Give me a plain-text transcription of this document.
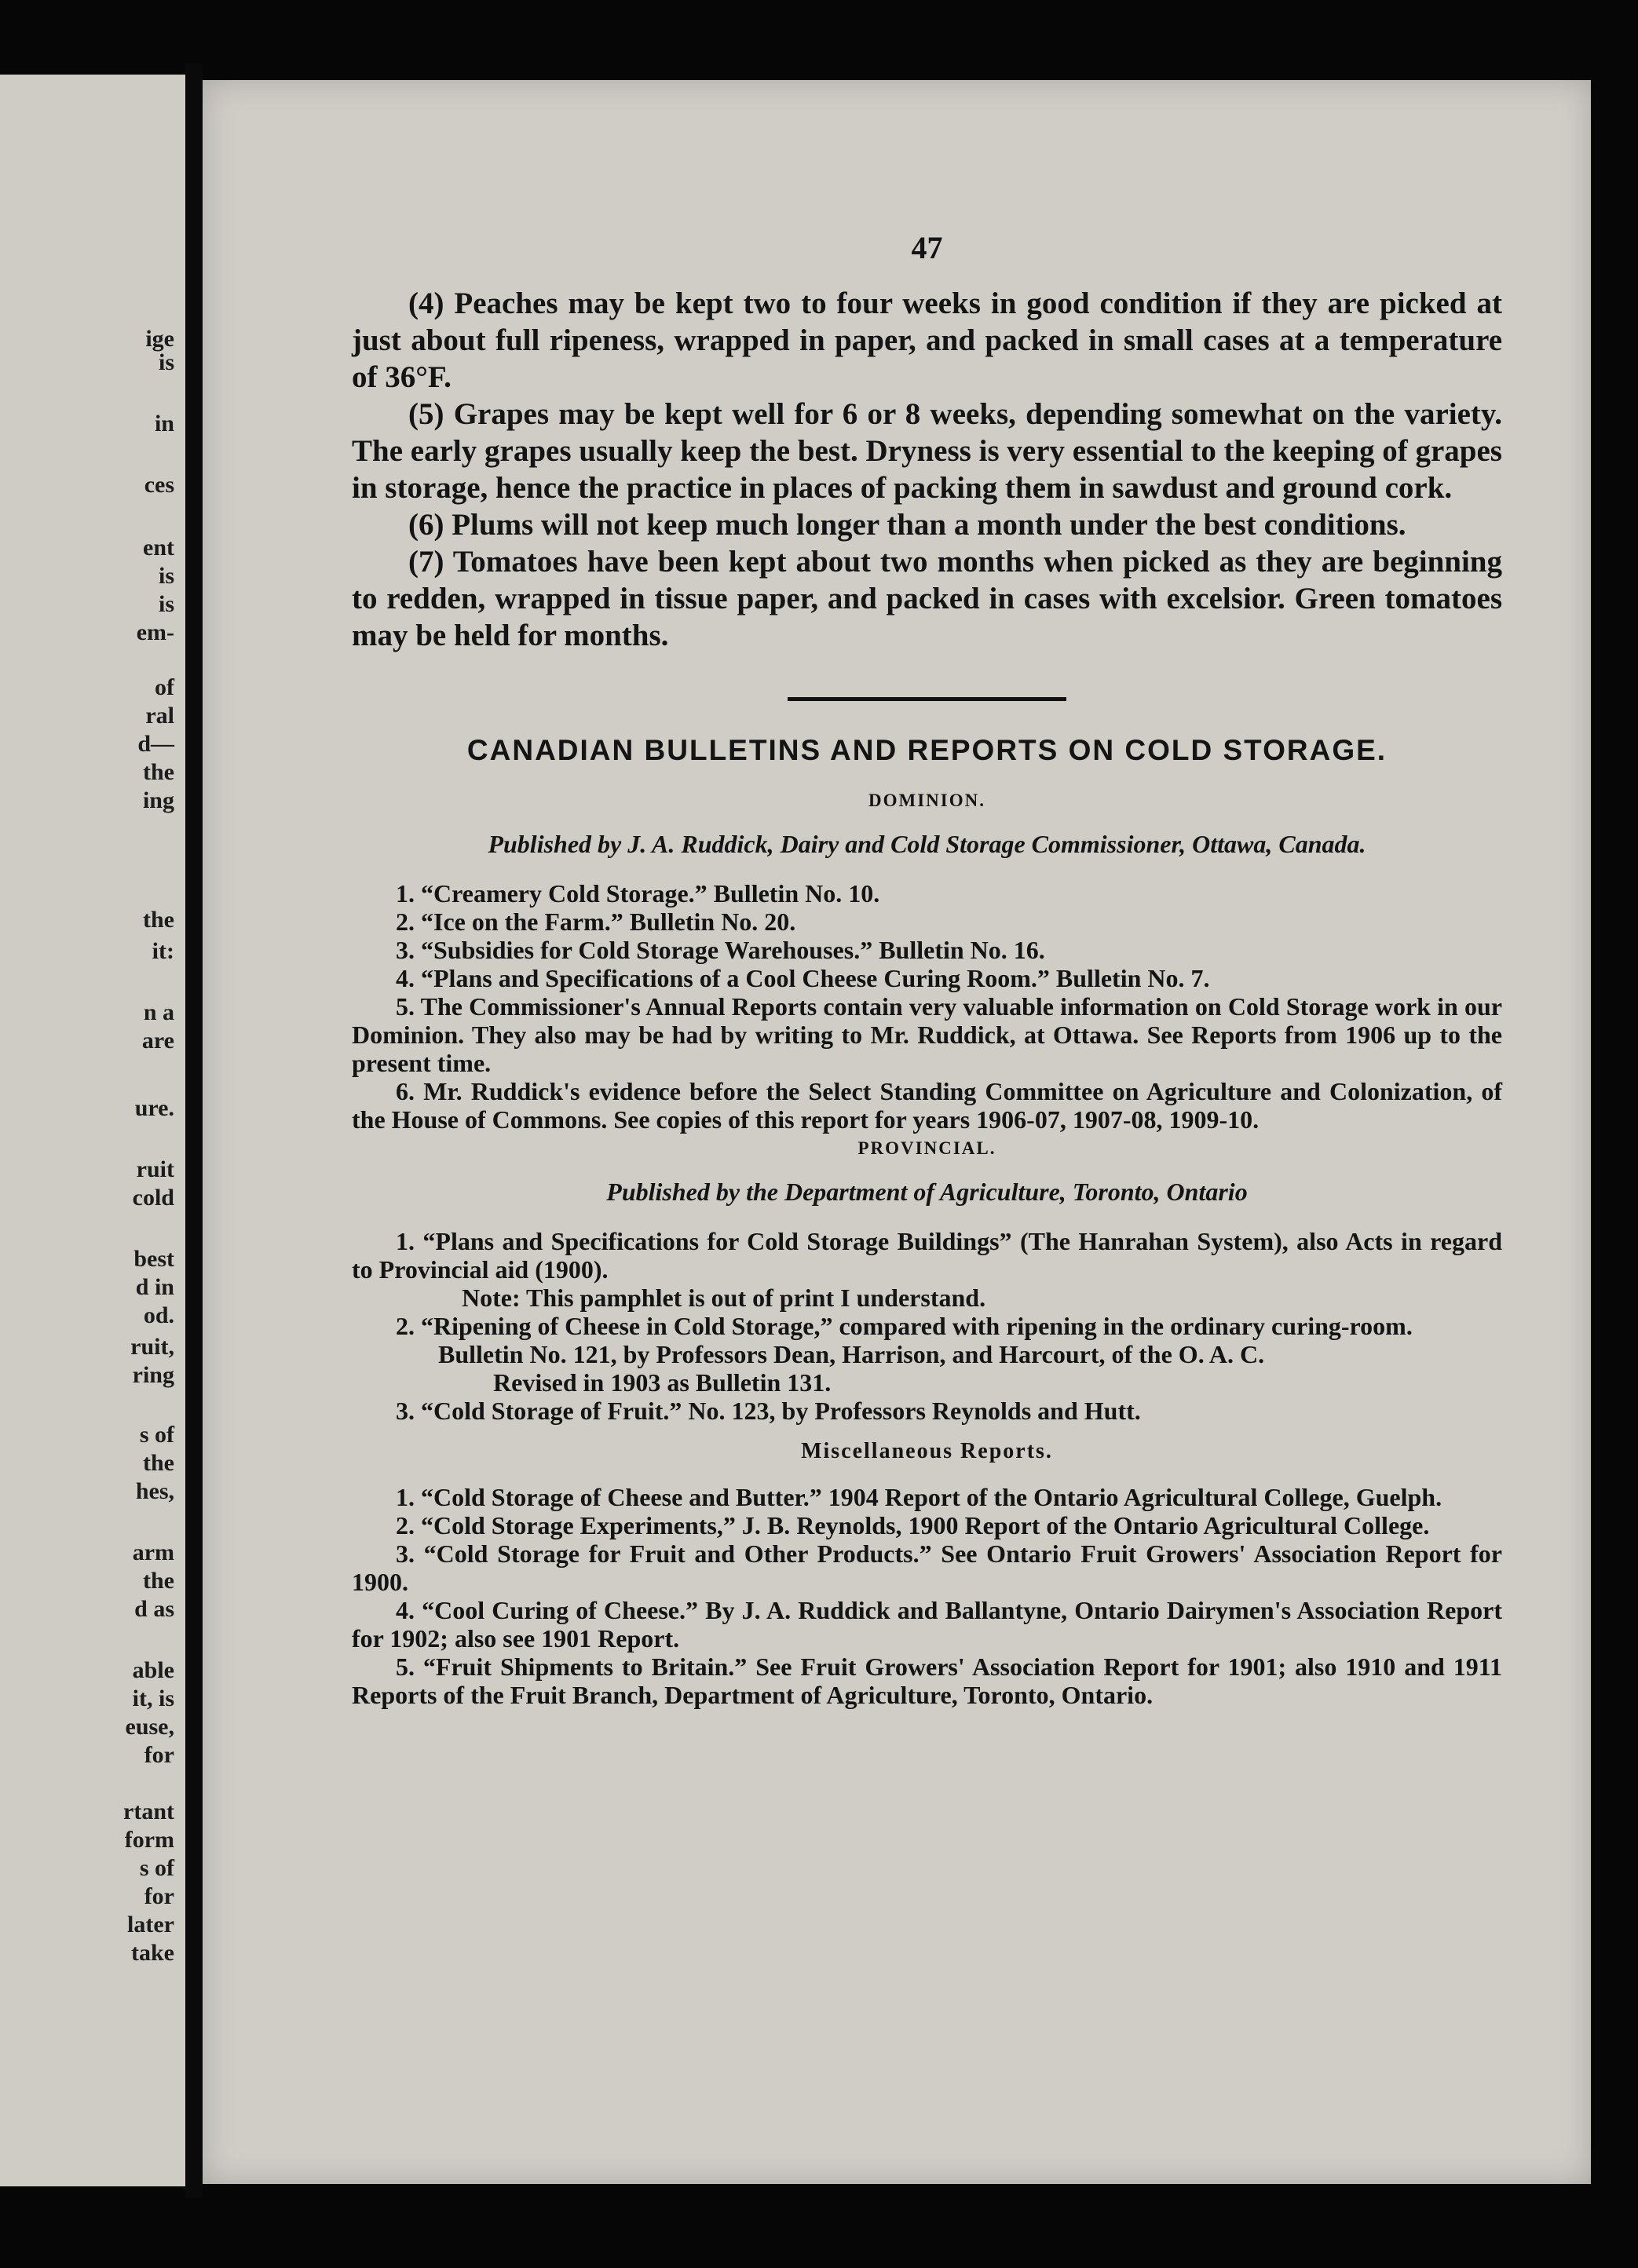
ige
is
in
ces
ent
is
is
em-
of
ral
d—
the
ing
the
it:
n a
are
ure.
ruit
cold
best
d in
od.
ruit,
ring
s of
the
hes,
arm
the
d as
able
it, is
euse,
for
rtant
form
s of
for
later
take
47

(4) Peaches may be kept two to four weeks in good condition if they are picked at just about full ripeness, wrapped in paper, and packed in small cases at a temperature of 36°F.

(5) Grapes may be kept well for 6 or 8 weeks, depending somewhat on the variety. The early grapes usually keep the best. Dryness is very essential to the keeping of grapes in storage, hence the practice in places of packing them in sawdust and ground cork.

(6) Plums will not keep much longer than a month under the best conditions.

(7) Tomatoes have been kept about two months when picked as they are beginning to redden, wrapped in tissue paper, and packed in cases with excelsior. Green tomatoes may be held for months.

CANADIAN BULLETINS AND REPORTS ON COLD STORAGE.
DOMINION.
Published by J. A. Ruddick, Dairy and Cold Storage Commissioner, Ottawa, Canada.

1. “Creamery Cold Storage.” Bulletin No. 10.

2. “Ice on the Farm.” Bulletin No. 20.

3. “Subsidies for Cold Storage Warehouses.” Bulletin No. 16.

4. “Plans and Specifications of a Cool Cheese Curing Room.” Bulletin No. 7.

5. The Commissioner's Annual Reports contain very valuable information on Cold Storage work in our Dominion. They also may be had by writing to Mr. Ruddick, at Ottawa. See Reports from 1906 up to the present time.

6. Mr. Ruddick's evidence before the Select Standing Committee on Agriculture and Colonization, of the House of Commons. See copies of this report for years 1906-07, 1907-08, 1909-10.

PROVINCIAL.
Published by the Department of Agriculture, Toronto, Ontario

1. “Plans and Specifications for Cold Storage Buildings” (The Hanrahan System), also Acts in regard to Provincial aid (1900).

Note: This pamphlet is out of print I understand.

2. “Ripening of Cheese in Cold Storage,” compared with ripening in the ordinary curing-room.

Bulletin No. 121, by Professors Dean, Harrison, and Harcourt, of the O. A. C.

Revised in 1903 as Bulletin 131.

3. “Cold Storage of Fruit.” No. 123, by Professors Reynolds and Hutt.

Miscellaneous Reports.

1. “Cold Storage of Cheese and Butter.” 1904 Report of the Ontario Agricultural College, Guelph.

2. “Cold Storage Experiments,” J. B. Reynolds, 1900 Report of the Ontario Agricultural College.

3. “Cold Storage for Fruit and Other Products.” See Ontario Fruit Growers' Association Report for 1900.

4. “Cool Curing of Cheese.” By J. A. Ruddick and Ballantyne, Ontario Dairymen's Association Report for 1902; also see 1901 Report.

5. “Fruit Shipments to Britain.” See Fruit Growers' Association Report for 1901; also 1910 and 1911 Reports of the Fruit Branch, Department of Agriculture, Toronto, Ontario.
